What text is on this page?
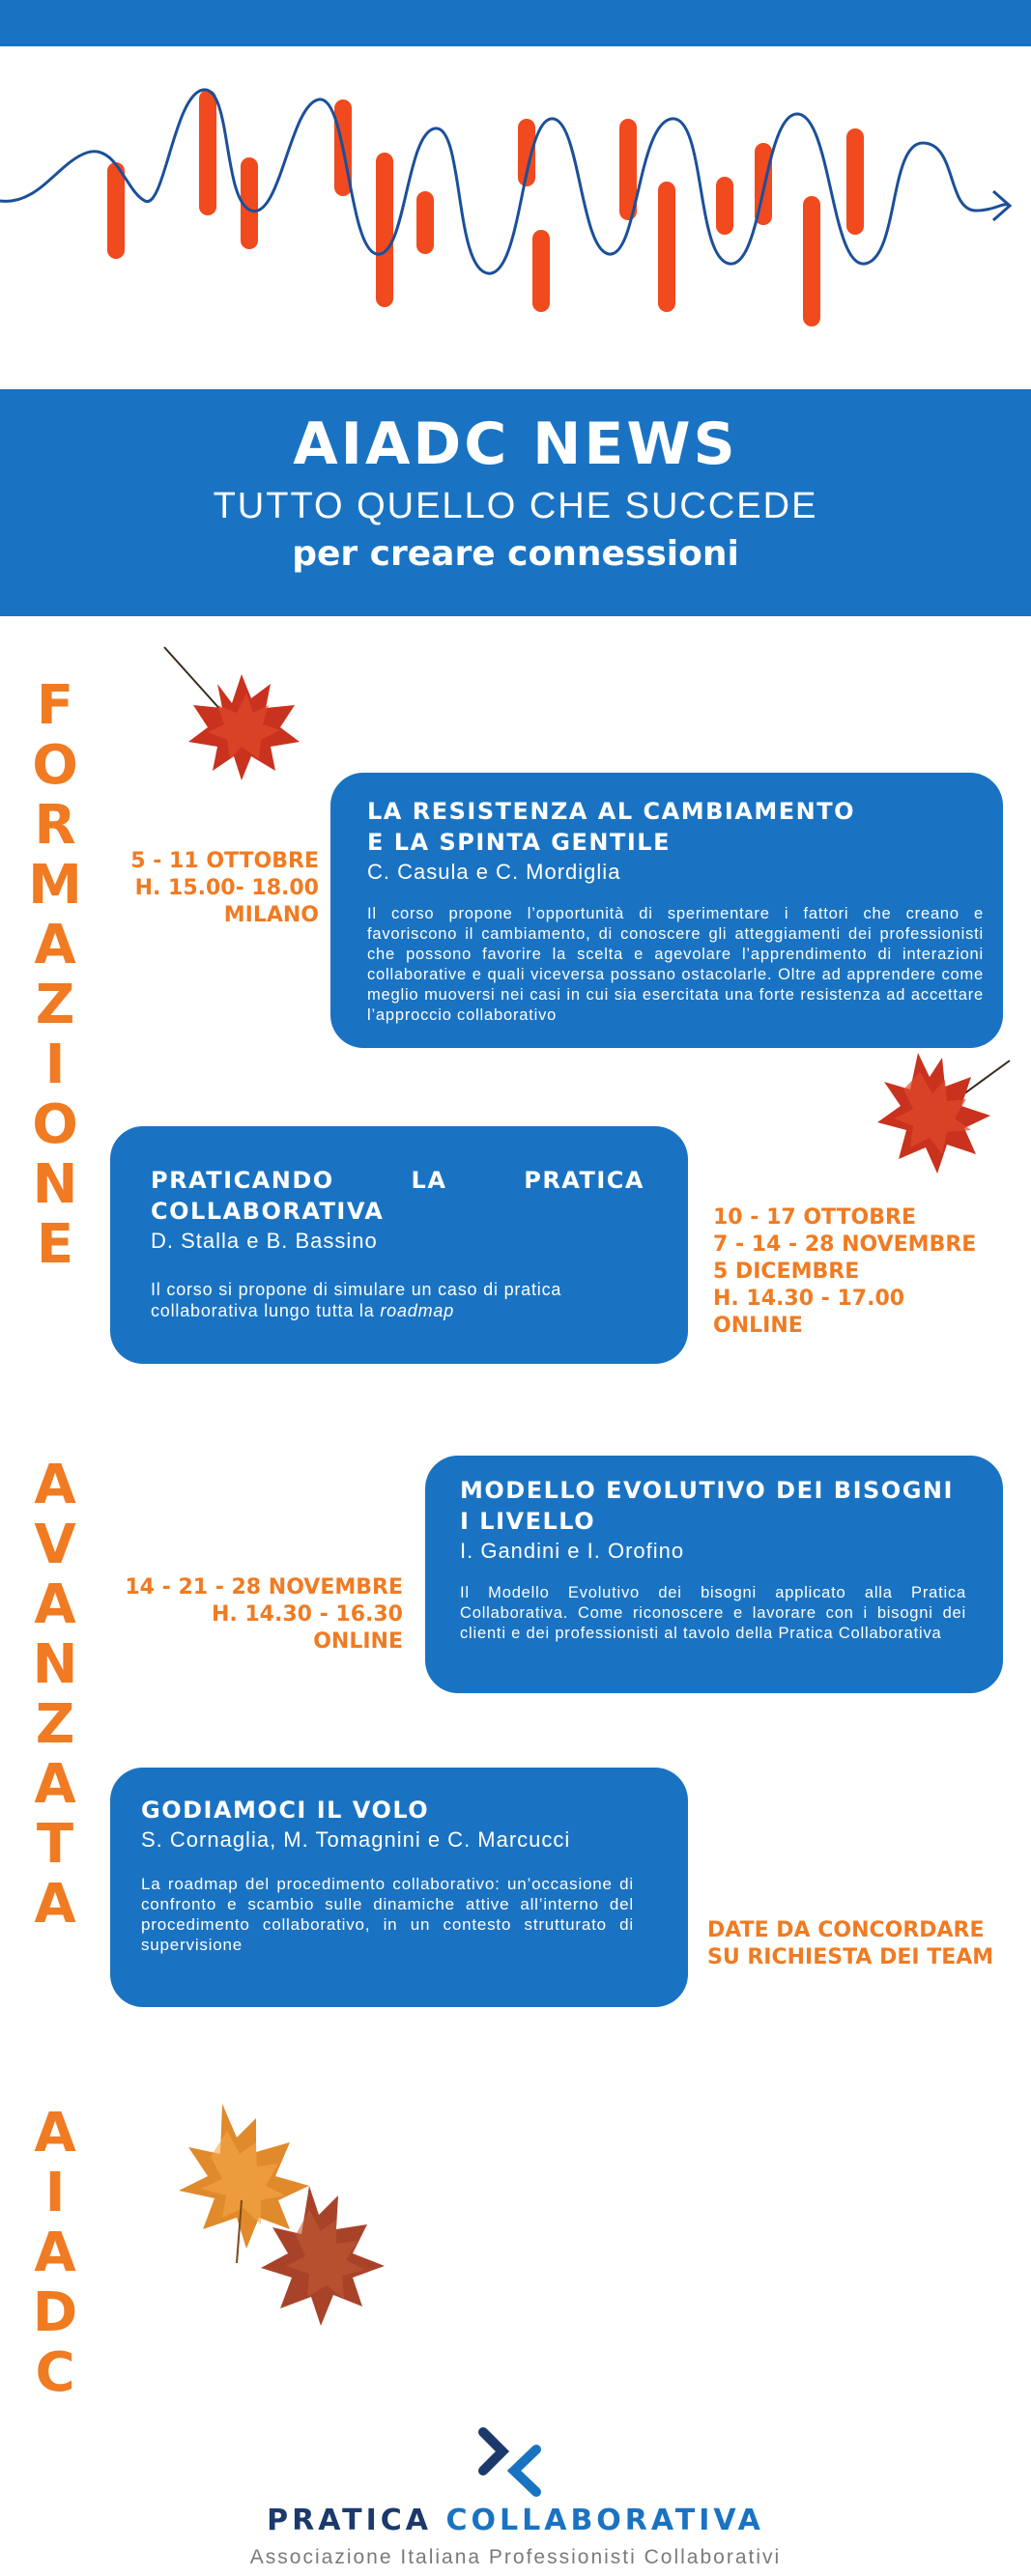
AIADC NEWS
TUTTO QUELLO CHE SUCCEDE
per creare connessioni
F
O
R
M
A
Z
I
O
N
E
A
V
A
N
Z
A
T
A
A
I
A
D
C
LA RESISTENZA AL CAMBIAMENTO
E LA SPINTA GENTILE
C. Casula e C. Mordiglia
Il corso propone l’opportunità di sperimentare i fattori che creano e favoriscono il cambiamento, di conoscere gli atteggiamenti dei professionisti che possono favorire la scelta e agevolare l’apprendimento di interazioni collaborative e quali viceversa possano ostacolarle. Oltre ad apprendere come meglio muoversi nei casi in cui sia esercitata una forte resistenza ad accettare l’approccio collaborativo
5 - 11 OTTOBRE
H. 15.00- 18.00
MILANO
PRATICANDO LA PRATICA
COLLABORATIVA
D. Stalla e B. Bassino
Il corso si propone di simulare un caso di pratica collaborativa lungo tutta la roadmap
10 - 17 OTTOBRE
7 - 14 - 28 NOVEMBRE
5 DICEMBRE
H. 14.30 - 17.00
ONLINE
MODELLO EVOLUTIVO DEI BISOGNI
I LIVELLO
I. Gandini e I. Orofino
Il Modello Evolutivo dei bisogni applicato alla Pratica Collaborativa. Come riconoscere e lavorare con i bisogni dei clienti e dei professionisti al tavolo della Pratica Collaborativa
14 - 21 - 28 NOVEMBRE
H. 14.30 - 16.30
ONLINE
GODIAMOCI IL VOLO
S. Cornaglia, M. Tomagnini e C. Marcucci
La roadmap del procedimento collaborativo: un’occasione di confronto e scambio sulle dinamiche attive all’interno del procedimento collaborativo, in un contesto strutturato di supervisione
DATE DA CONCORDARE
SU RICHIESTA DEI TEAM
PRATICA COLLABORATIVA
Associazione Italiana Professionisti Collaborativi
